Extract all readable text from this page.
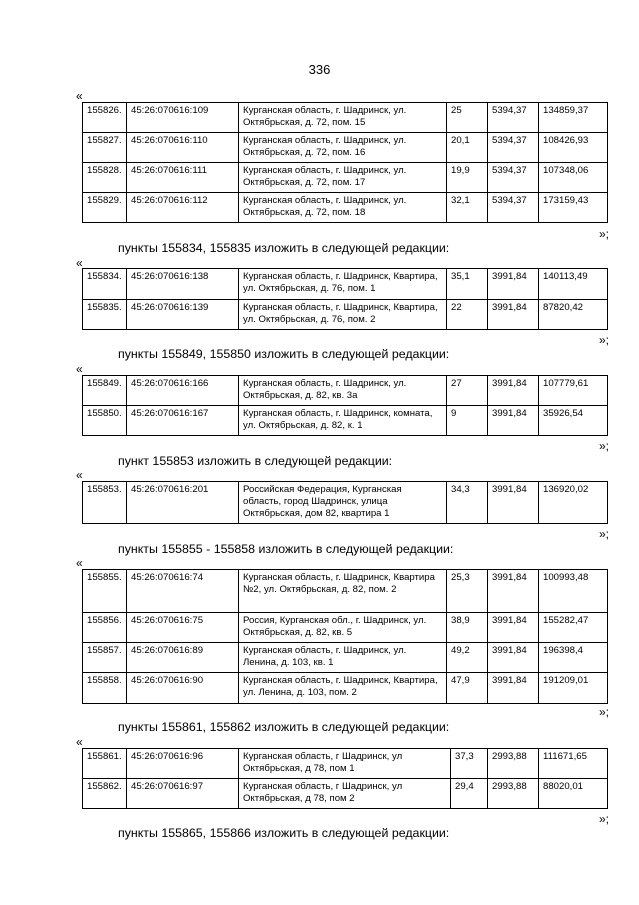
336
«
155826.	45:26:070616:109	Курганская область, г. Шадринск, ул. Октябрьская, д. 72, пом. 15	25	5394,37	134859,37
155827.	45:26:070616:110	Курганская область, г. Шадринск, ул. Октябрьская, д. 72, пом. 16	20,1	5394,37	108426,93
155828.	45:26:070616:111	Курганская область, г. Шадринск, ул. Октябрьская, д. 72, пом. 17	19,9	5394,37	107348,06
155829.	45:26:070616:112	Курганская область, г. Шадринск, ул. Октябрьская, д. 72, пом. 18	32,1	5394,37	173159,43
»;
пункты 155834, 155835 изложить в следующей редакции:
«
155834.	45:26:070616:138	Курганская область, г. Шадринск, Квартира, ул. Октябрьская, д. 76, пом. 1	35,1	3991,84	140113,49
155835.	45:26:070616:139	Курганская область, г. Шадринск, Квартира, ул. Октябрьская, д. 76, пом. 2	22	3991,84	87820,42
»;
пункты 155849, 155850 изложить в следующей редакции:
«
155849.	45:26:070616:166	Курганская область, г. Шадринск, ул. Октябрьская, д. 82, кв. 3а	27	3991,84	107779,61
155850.	45:26:070616:167	Курганская область, г. Шадринск, комната, ул. Октябрьская, д. 82, к. 1	9	3991,84	35926,54
»;
пункт 155853 изложить в следующей редакции:
«
155853.	45:26:070616:201	Российская Федерация, Курганская область, город Шадринск, улица Октябрьская, дом 82, квартира 1	34,3	3991,84	136920,02
»;
пункты 155855 - 155858 изложить в следующей редакции:
«
155855.	45:26:070616:74	Курганская область, г. Шадринск, Квартира №2, ул. Октябрьская, д. 82, пом. 2	25,3	3991,84	100993,48
155856.	45:26:070616:75	Россия, Курганская обл., г. Шадринск, ул. Октябрьская, д. 82, кв. 5	38,9	3991,84	155282,47
155857.	45:26:070616:89	Курганская область, г. Шадринск, ул. Ленина, д. 103, кв. 1	49,2	3991,84	196398,4
155858.	45:26:070616:90	Курганская область, г. Шадринск, Квартира, ул. Ленина, д. 103, пом. 2	47,9	3991,84	191209,01
»;
пункты 155861, 155862 изложить в следующей редакции:
«
155861.	45:26:070616:96	Курганская область, г Шадринск, ул Октябрьская, д 78, пом 1	37,3	2993,88	111671,65
155862.	45:26:070616:97	Курганская область, г Шадринск, ул Октябрьская, д 78, пом 2	29,4	2993,88	88020,01
»;
пункты 155865, 155866 изложить в следующей редакции:
